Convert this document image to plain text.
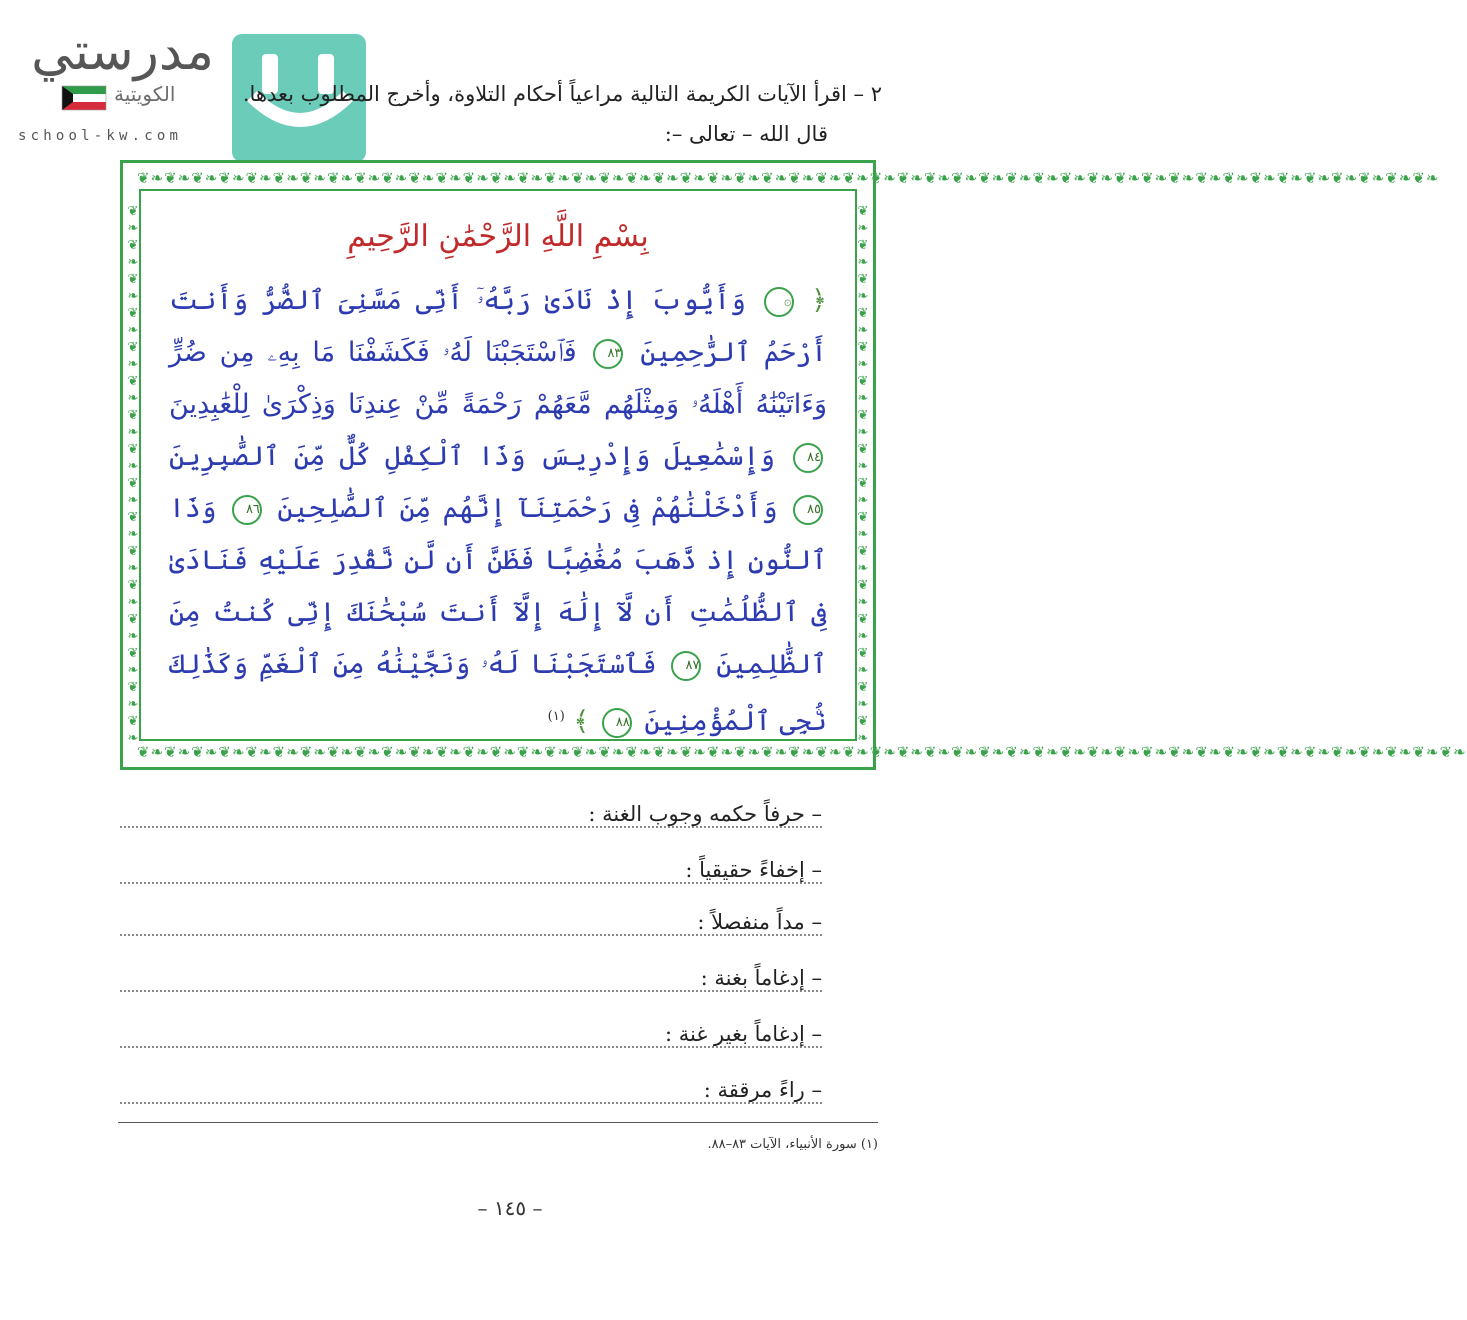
مدرستي
الكويتية
school-kw.com
٢ – اقرأ الآيات الكريمة التالية مراعياً أحكام التلاوة، وأخرج المطلوب بعدها.
قال الله – تعالى –:
❦❧❦❧❦❧❦❧❦❧❦❧❦❧❦❧❦❧❦❧❦❧❦❧❦❧❦❧❦❧❦❧❦❧❦❧❦❧❦❧❦❧❦❧❦❧❦❧❦❧❦❧❦❧❦❧❦❧❦❧❦❧❦❧❦❧❦❧❦❧❦❧❦❧❦❧❦❧❦❧❦❧❦❧❦❧❦❧❦❧❦❧❦❧❦❧
❦❧❦❧❦❧❦❧❦❧❦❧❦❧❦❧❦❧❦❧❦❧❦❧❦❧❦❧❦❧❦❧❦❧❦❧❦❧❦❧❦❧❦❧❦❧❦❧❦❧❦❧❦❧❦❧❦❧❦❧❦❧❦❧❦❧❦❧❦❧❦❧❦❧❦❧❦❧❦❧❦❧❦❧❦❧❦❧❦❧❦❧❦❧❦❧❦❧
❦
❧
❦
❧
❦
❧
❦
❧
❦
❧
❦
❧
❦
❧
❦
❧
❦
❧
❦
❧
❦
❧
❦
❧
❦
❧
❦
❧
❦
❧
❦
❧
❦
❧
❦
❧
❦
❧
❦
❧
❦
❧
❦
❧
❦
❧
❦
❧
❦
❧
❦
❧
❦
❧
❦
❧
❦
❧
❦
❧
❦
❧
❦
❧
بِسْمِ اللَّهِ الرَّحْمَٰنِ الرَّحِيمِ
﴿ ۞ وَأَيُّوبَ إِذْ نَادَىٰ رَبَّهُۥٓ أَنِّى مَسَّنِىَ ٱلضُّرُّ وَأَنتَ أَرْحَمُ ٱلرَّٰحِمِينَ ٨٣ فَٱسْتَجَبْنَا لَهُۥ فَكَشَفْنَا مَا بِهِۦ مِن ضُرٍّ وَءَاتَيْنَٰهُ أَهْلَهُۥ وَمِثْلَهُم مَّعَهُمْ رَحْمَةً مِّنْ عِندِنَا وَذِكْرَىٰ لِلْعَٰبِدِينَ ٨٤ وَإِسْمَٰعِيلَ وَإِدْرِيسَ وَذَا ٱلْكِفْلِ كُلٌّ مِّنَ ٱلصَّٰبِرِينَ ٨٥ وَأَدْخَلْنَٰهُمْ فِى رَحْمَتِنَآ إِنَّهُم مِّنَ ٱلصَّٰلِحِينَ ٨٦ وَذَا ٱلنُّونِ إِذ ذَّهَبَ مُغَٰضِبًا فَظَنَّ أَن لَّن نَّقْدِرَ عَلَيْهِ فَنَادَىٰ فِى ٱلظُّلُمَٰتِ أَن لَّآ إِلَٰهَ إِلَّآ أَنتَ سُبْحَٰنَكَ إِنِّى كُنتُ مِنَ ٱلظَّٰلِمِينَ ٨٧ فَٱسْتَجَبْنَا لَهُۥ وَنَجَّيْنَٰهُ مِنَ ٱلْغَمِّ وَكَذَٰلِكَ نُۨجِى ٱلْمُؤْمِنِينَ ٨٨ ﴾ $^{(١)}$
– حرفاً حكمه وجوب الغنة :
– إخفاءً حقيقياً :
– مداً منفصلاً :
– إدغاماً بغنة :
– إدغاماً بغير غنة :
– راءً مرققة :
(١) سورة الأنبياء، الآيات ٨٣–٨٨.
– ١٤٥ –
